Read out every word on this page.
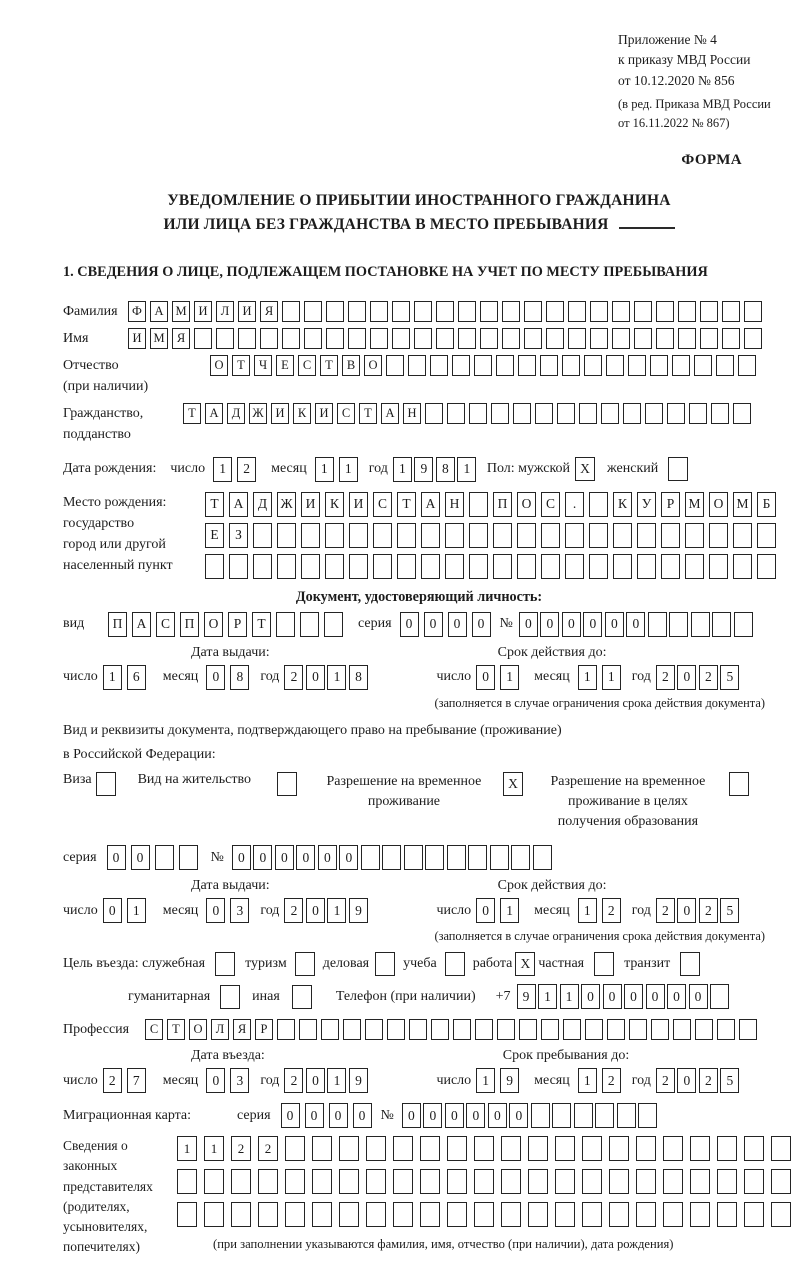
Приложение № 4
к приказу МВД России
от 10.12.2020 № 856
(в ред. Приказа МВД России
от 16.11.2022 № 867)
ФОРМА
УВЕДОМЛЕНИЕ О ПРИБЫТИИ ИНОСТРАННОГО ГРАЖДАНИНА
ИЛИ ЛИЦА БЕЗ ГРАЖДАНСТВА В МЕСТО ПРЕБЫВАНИЯ
1. СВЕДЕНИЯ О ЛИЦЕ, ПОДЛЕЖАЩЕМ ПОСТАНОВКЕ НА УЧЕТ ПО МЕСТУ ПРЕБЫВАНИЯ
Фамилия	Ф	А М И	Л	И	Я
Имя	И М Я
Отчество
(при наличии)
О	Т	Ч	Е	С	Т	В	О
Гражданство,
подданство
Т	А	Д Ж И	К	И	С	Т	А	Н
Дата рождения: число	1	2	месяц	1	1	год 1	9	8	1	Пол: мужской X	женский
Место рождения:
государство
город или другой
населенный пункт
Т	А	Д Ж И	К	И	С	Т	А	Н	П	О	С	.	К	У	Р	М О М	Б
Е	З
Документ, удостоверяющий личность:
вид	П	А	С	П	О	Р	Т	серия	0	0	0	0	№ 0	0	0	0	0	0
Дата выдачи:	Срок действия до:
число 1	6	месяц	0	8	год 2	0	1	8	число 0	1	месяц	1	1	год 2	0	2	5
(заполняется в случае ограничения срока действия документа)
Вид и реквизиты документа, подтверждающего право на пребывание (проживание)
в Российской Федерации:
Виза	Вид на жительство	Разрешение на временное проживание
X	Разрешение на временное проживание в целях получения образования
серия	0	0	№	0	0	0	0	0	0
Дата выдачи:	Срок действия до:
число 0	1	месяц	0	3	год 2	0	1	9	число 0	1	месяц	1	2	год 2	0	2	5
(заполняется в случае ограничения срока действия документа)
Цель въезда: служебная	туризм	деловая учеба	работа X частная	транзит
гуманитарная	иная	Телефон (при наличии) +7 9	1	1	0	0	0	0	0	0
Профессия	С	Т	О	Л	Я	Р
Дата въезда:	Срок пребывания до:
число 2	7	месяц	0	3	год 2	0	1	9	число 1	9	месяц	1	2	год 2	0	2	5
Миграционная карта:	серия	0	0	0	0	№	0	0	0	0	0	0
Сведения о
законных
представителях
(родителях,
усыновителях,
попечителях)
1	1	2	2
(при заполнении указываются фамилия, имя, отчество (при наличии), дата рождения)
